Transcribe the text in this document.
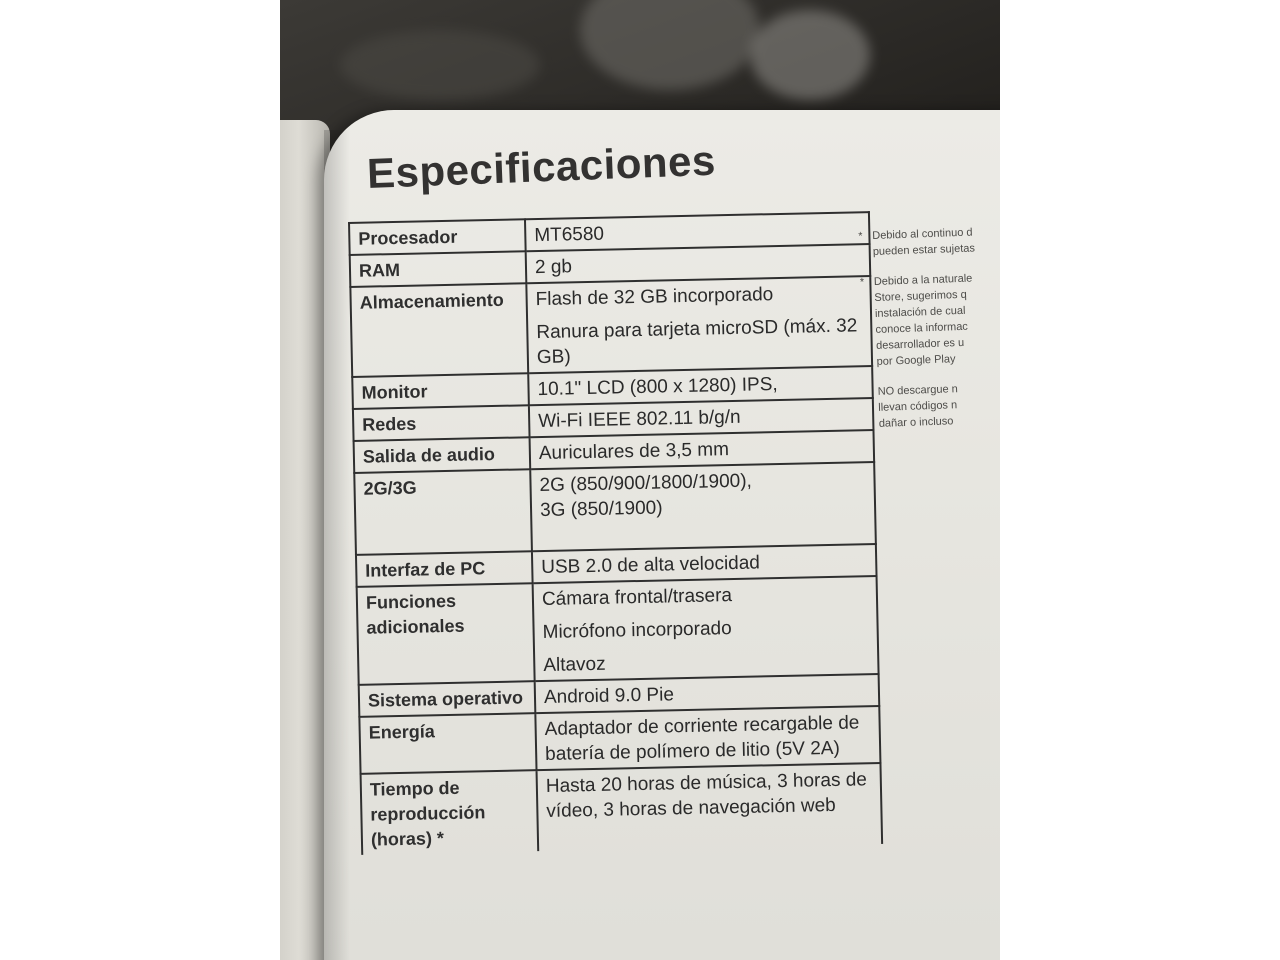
Especificaciones
Procesador	MT6580

RAM	2 gb

Almacenamiento	Flash de 32 GB incorporado

Ranura para tarjeta microSD (máx. 32 GB)

Monitor	10.1" LCD (800 x 1280) IPS,

Redes	Wi-Fi IEEE 802.11 b/g/n

Salida de audio	Auriculares de 3,5 mm

2G/3G	2G (850/900/1800/1900),

3G (850/1900)

Interfaz de PC	USB 2.0 de alta velocidad

Funciones adicionales	Cámara frontal/trasera

Micrófono incorporado

Altavoz

Sistema operativo	Android 9.0 Pie

Energía	Adaptador de corriente recargable de batería de polímero de litio (5V 2A)

Tiempo de reproducción (horas) *	Hasta 20 horas de música, 3 horas de vídeo, 3 horas de navegación web

* Debido al continuo d

pueden estar sujetas

* Debido a la naturale

Store, sugerimos q

instalación de cual

conoce la informac

desarrollador es u

por Google Play

NO descargue n

llevan códigos n

dañar o incluso
